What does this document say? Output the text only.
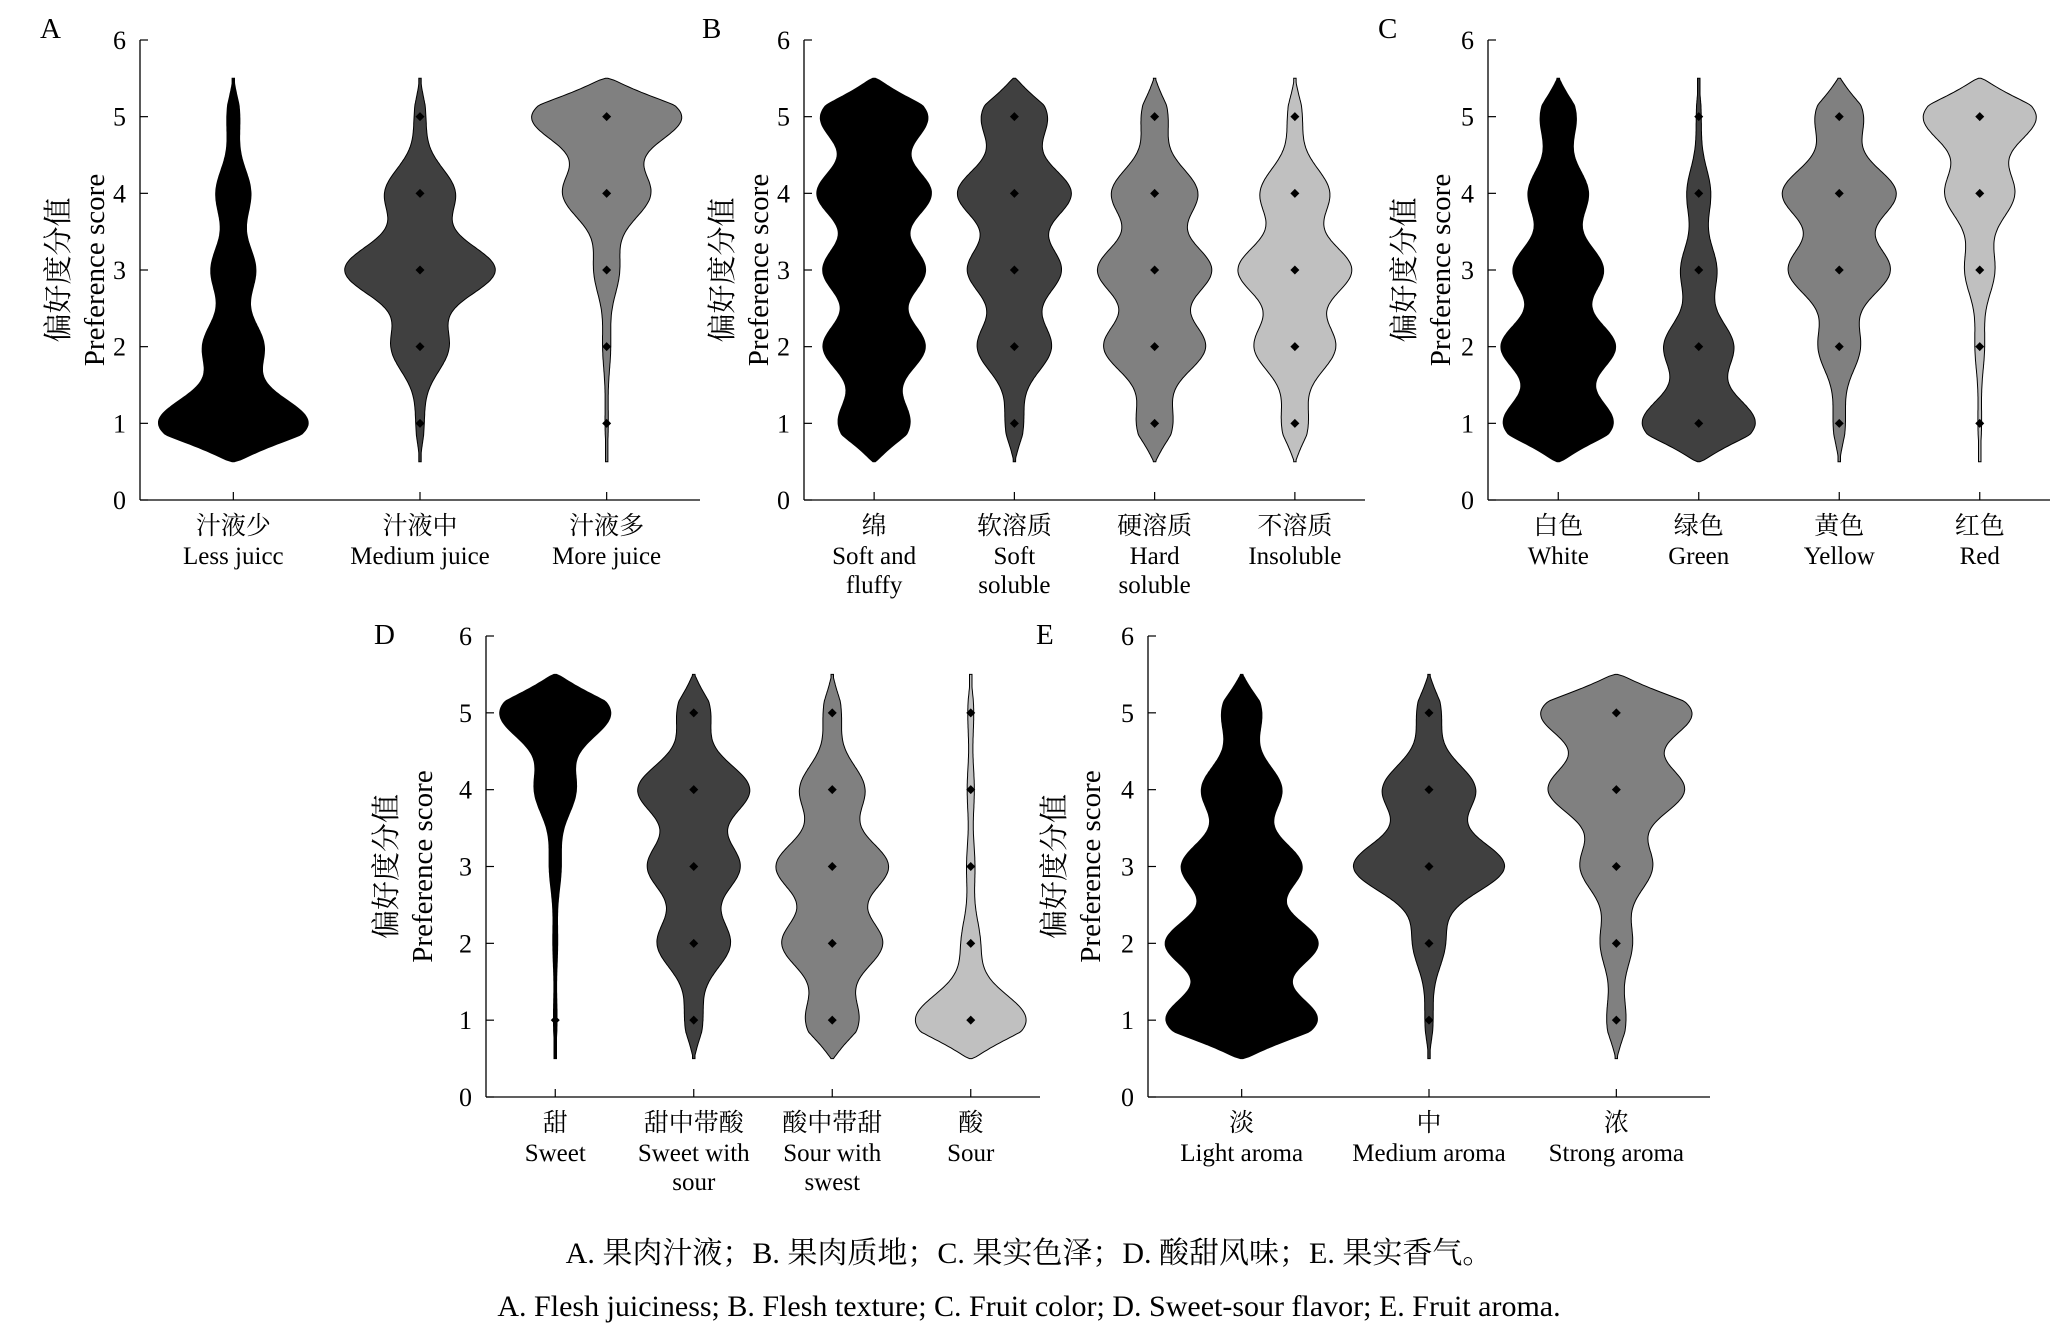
A
0
1
2
3
4
5
6
偏好度分值 Preference score
汁液少
Less juicc
汁液中
Medium juice
汁液多
More juice
B
0
1
2
3
4
5
6
偏好度分值 Preference score
绵
Soft and
fluffy
软溶质
Soft
soluble
硬溶质
Hard
soluble
不溶质
Insoluble
C
0
1
2
3
4
5
6
偏好度分值 Preference score
白色
White
绿色
Green
黄色
Yellow
红色
Red
D
0
1
2
3
4
5
6
偏好度分值 Preference score
甜
Sweet
甜中带酸
Sweet with
sour
酸中带甜
Sour with
swest
酸
Sour
E
0
1
2
3
4
5
6
偏好度分值 Preference score
淡
Light aroma
中
Medium aroma
浓
Strong aroma
A. 果肉汁液；B. 果肉质地；C. 果实色泽；D. 酸甜风味；E. 果实香气。
A. Flesh juiciness; B. Flesh texture; C. Fruit color; D. Sweet-sour flavor; E. Fruit aroma.
